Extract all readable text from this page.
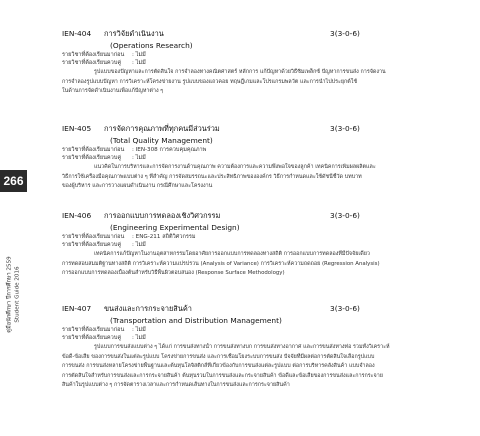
266
คู่มือนักศึกษา ปีการศึกษา 2559 Student Guide 2016
IEN-404 การวิจัยดำเนินงาน	3(3-0-6)
(Operations Research)
รายวิชาที่ต้องเรียนมาก่อน : ไม่มี
รายวิชาที่ต้องเรียนควบคู่ : ไม่มี
รูปแบบของปัญหาและการตัดสินใจ การจำลองทางคณิตศาสตร์ หลักการ แก้ปัญหาด้วยวิธีซิมเพล็กซ์ ปัญหาการขนส่ง การจัดงาน
การจำลองรูปแบบปัญหา การวิเคราะห์โครงข่ายงาน รูปแบบของแถวคอย ทฤษฎีเกมและโปรแกรมพลวัต และการนำไปประยุกต์ใช้
ในด้านการจัดดำเนินงานเพื่อแก้ปัญหาต่าง ๆ
IEN-405 การจัดการคุณภาพที่ทุกคนมีส่วนร่วม	3(3-0-6)
(Total Quality Management)
รายวิชาที่ต้องเรียนมาก่อน : IEN-308 การควบคุมคุณภาพ
รายวิชาที่ต้องเรียนควบคู่ : ไม่มี
แนวคิดในการบริหารและการจัดการงานด้านคุณภาพ ความต้องการและความพึงพอใจของลูกค้า เทคนิคการเพิ่มผลผลิตและ
วิธีการใช้เครื่องมือคุณภาพแบบต่าง ๆ ที่สำคัญ การจัดสมรรถนะและประสิทธิภาพขององค์กร วิธีการกำหนดและใช้ดัชนีชี้วัด บทบาท
ของผู้บริหาร และการวางแผนดำเนินงาน กรณีศึกษาและโครงงาน
IEN-406 การออกแบบการทดลองเชิงวิศวกรรม	3(3-0-6)
(Engineering Experimental Design)
รายวิชาที่ต้องเรียนมาก่อน : ENG-211 สถิติวิศวกรรม
รายวิชาที่ต้องเรียนควบคู่ : ไม่มี
เทคนิคการแก้ปัญหาในงานอุตสาหกรรมโดยอาศัยการออกแบบการทดลองทางสถิติ การออกแบบการทดลองที่มีปัจจัยเดียว
การทดสอบสมมติฐานทางสถิติ การวิเคราะห์ความแปรปรวน (Analysis of Variance) การวิเคราะห์ความถดถอย (Regression Analysis)
การออกแบบการทดลองเบื้องต้นสำหรับวิธีพื้นผิวตอบสนอง (Response Surface Methodology)
IEN-407 ขนส่งและการกระจายสินค้า	3(3-0-6)
(Transportation and Distribution Management)
รายวิชาที่ต้องเรียนมาก่อน : ไม่มี
รายวิชาที่ต้องเรียนควบคู่ : ไม่มี
รูปแบบการขนส่งแบบต่าง ๆ ได้แก่ การขนส่งทางน้ำ การขนส่งทางบก การขนส่งทางอากาศ และการขนส่งทางท่อ รวมทั้งวิเคราะห์
ข้อดี-ข้อเสีย ของการขนส่งในแต่ละรูปแบบ โครงข่ายการขนส่ง และการเชื่อมโยงระบบการขนส่ง ปัจจัยที่มีผลต่อการตัดสินใจเลือกรูปแบบ
การขนส่ง การขนส่งหลายโครงข่ายพื้นฐานและต้นทุนโลจิสติกส์ที่เกี่ยวข้องกับการขนส่งแต่ละรูปแบบ ต่อการบริหารคลังสินค้า แบบจำลอง
การตัดสินใจสำหรับการขนส่งและการกระจายสินค้า ต้นทุนรวมในการขนส่งและกระจายสินค้า ข้อดีและข้อเสียของการขนส่งและการกระจาย
สินค้าในรูปแบบต่าง ๆ การจัดตารางเวลาและการกำหนดเส้นทางในการขนส่งและการกระจายสินค้า
